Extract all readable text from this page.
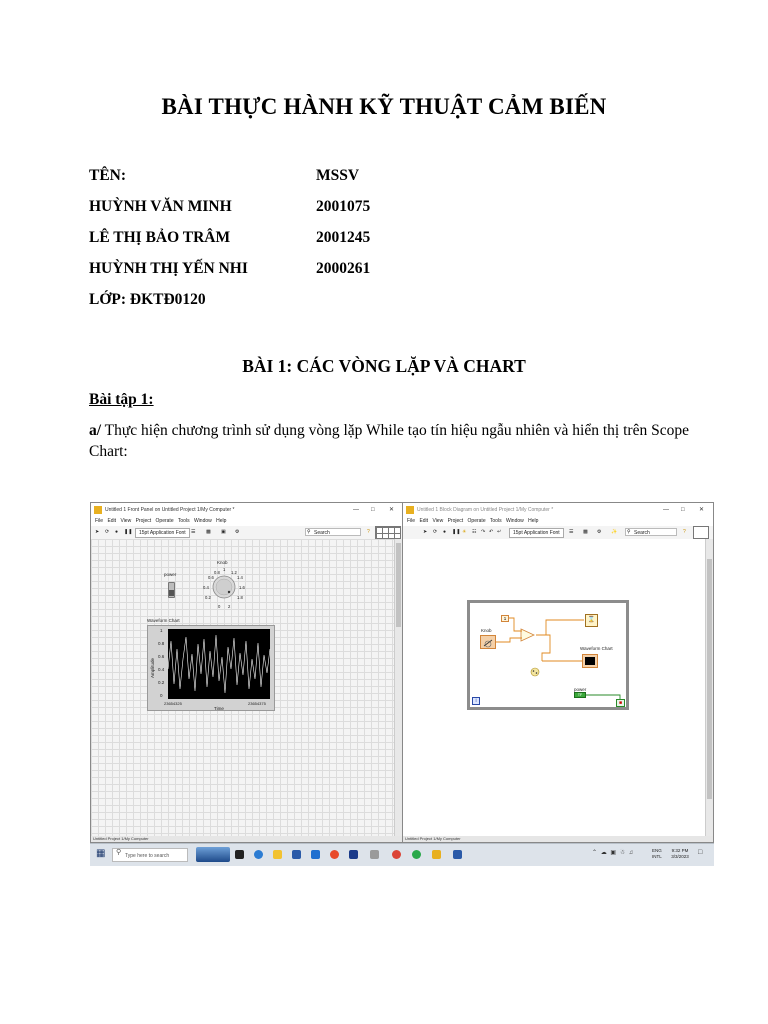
BÀI THỰC HÀNH KỸ THUẬT CẢM BIẾN
TÊN:	MSSV
HUỲNH VĂN MINH	2001075
LÊ THỊ BẢO TRÂM	2001245
HUỲNH THỊ YẾN NHI	2000261
LỚP: ĐKTĐ0120
BÀI 1: CÁC VÒNG LẶP VÀ CHART
Bài tập 1:
a/ Thực hiện chương trình sử dụng vòng lặp While tạo tín hiệu ngẫu nhiên và hiển thị trên Scope Chart:
Untitled 1 Front Panel on Untitled Project 1/My Computer *	— □ ✕
File Edit View Project Operate Tools Window Help
➤ ⟳ ● ❚❚	15pt Application Font	☰ ▩ ▣ ⚙	Search
⚲	?
power
Knob
0
0.2
0.4
0.6
0.8
1
1.2
1.4
1.6
1.8
2
Waveform Chart
Amplitude
1
0.8
0.6
0.4
0.2
0
23654325	23654375
Time
Untitled Project 1/My Computer
Untitled 1 Block Diagram on Untitled Project 1/My Computer *	— □ ✕
File Edit View Project Operate Tools Window Help
➤ ⟳ ● ❚❚ ☀ ☷ ↷ ↶ ↵	15pt Application Font	☰ ▩ ⚙ ✨	Search
⚲	?
Knob
1	⌛
Waveform Chart
power
TF
■
i
Untitled Project 1/My Computer
▦	Type here to search
⚲	⌃ ☁ ▣ ☃ ♫	ENG
INTL
9:32 PM
3/3/2023
□
